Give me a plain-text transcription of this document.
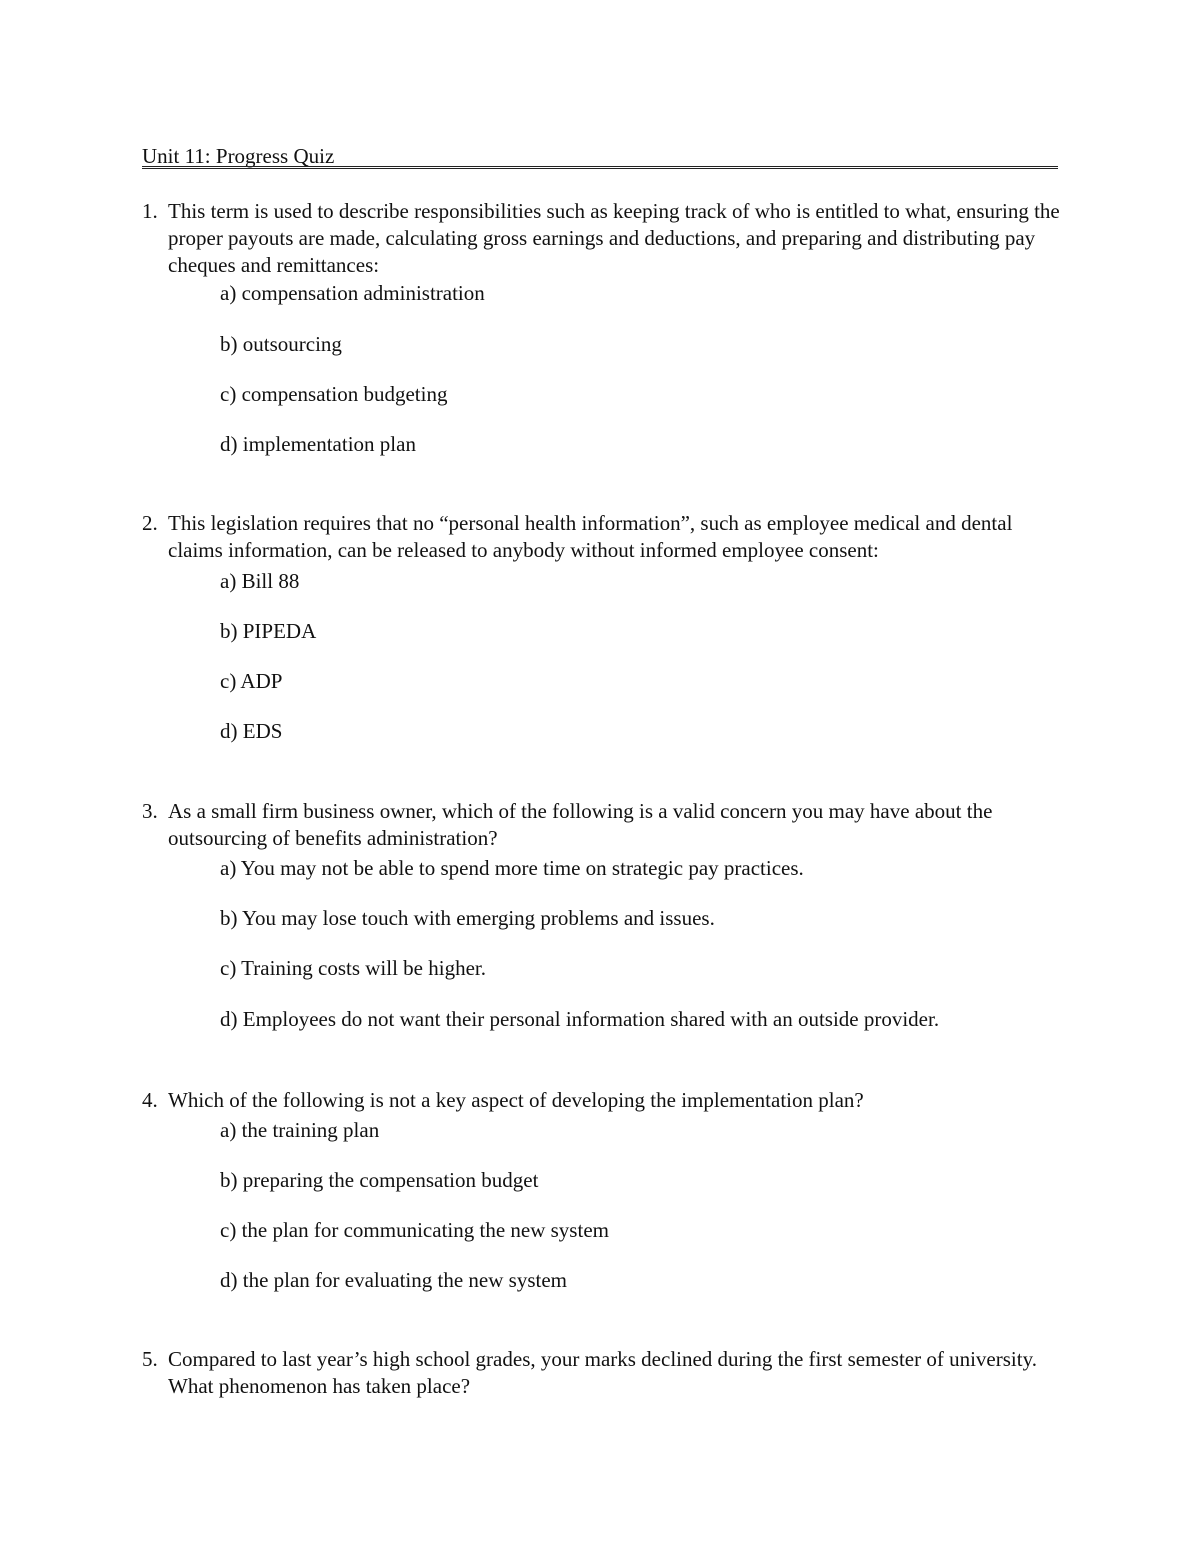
Unit 11: Progress Quiz
1. This term is used to describe responsibilities such as keeping track of who is entitled to what, ensuring the proper payouts are made, calculating gross earnings and deductions, and preparing and distributing pay cheques and remittances:
a) compensation administration
b) outsourcing
c) compensation budgeting
d) implementation plan
2. This legislation requires that no “personal health information”, such as employee medical and dental claims information, can be released to anybody without informed employee consent:
a) Bill 88
b) PIPEDA
c) ADP
d) EDS
3. As a small firm business owner, which of the following is a valid concern you may have about the outsourcing of benefits administration?
a) You may not be able to spend more time on strategic pay practices.
b) You may lose touch with emerging problems and issues.
c) Training costs will be higher.
d) Employees do not want their personal information shared with an outside provider.
4. Which of the following is not a key aspect of developing the implementation plan?
a) the training plan
b) preparing the compensation budget
c) the plan for communicating the new system
d) the plan for evaluating the new system
5. Compared to last year’s high school grades, your marks declined during the first semester of university. What phenomenon has taken place?
